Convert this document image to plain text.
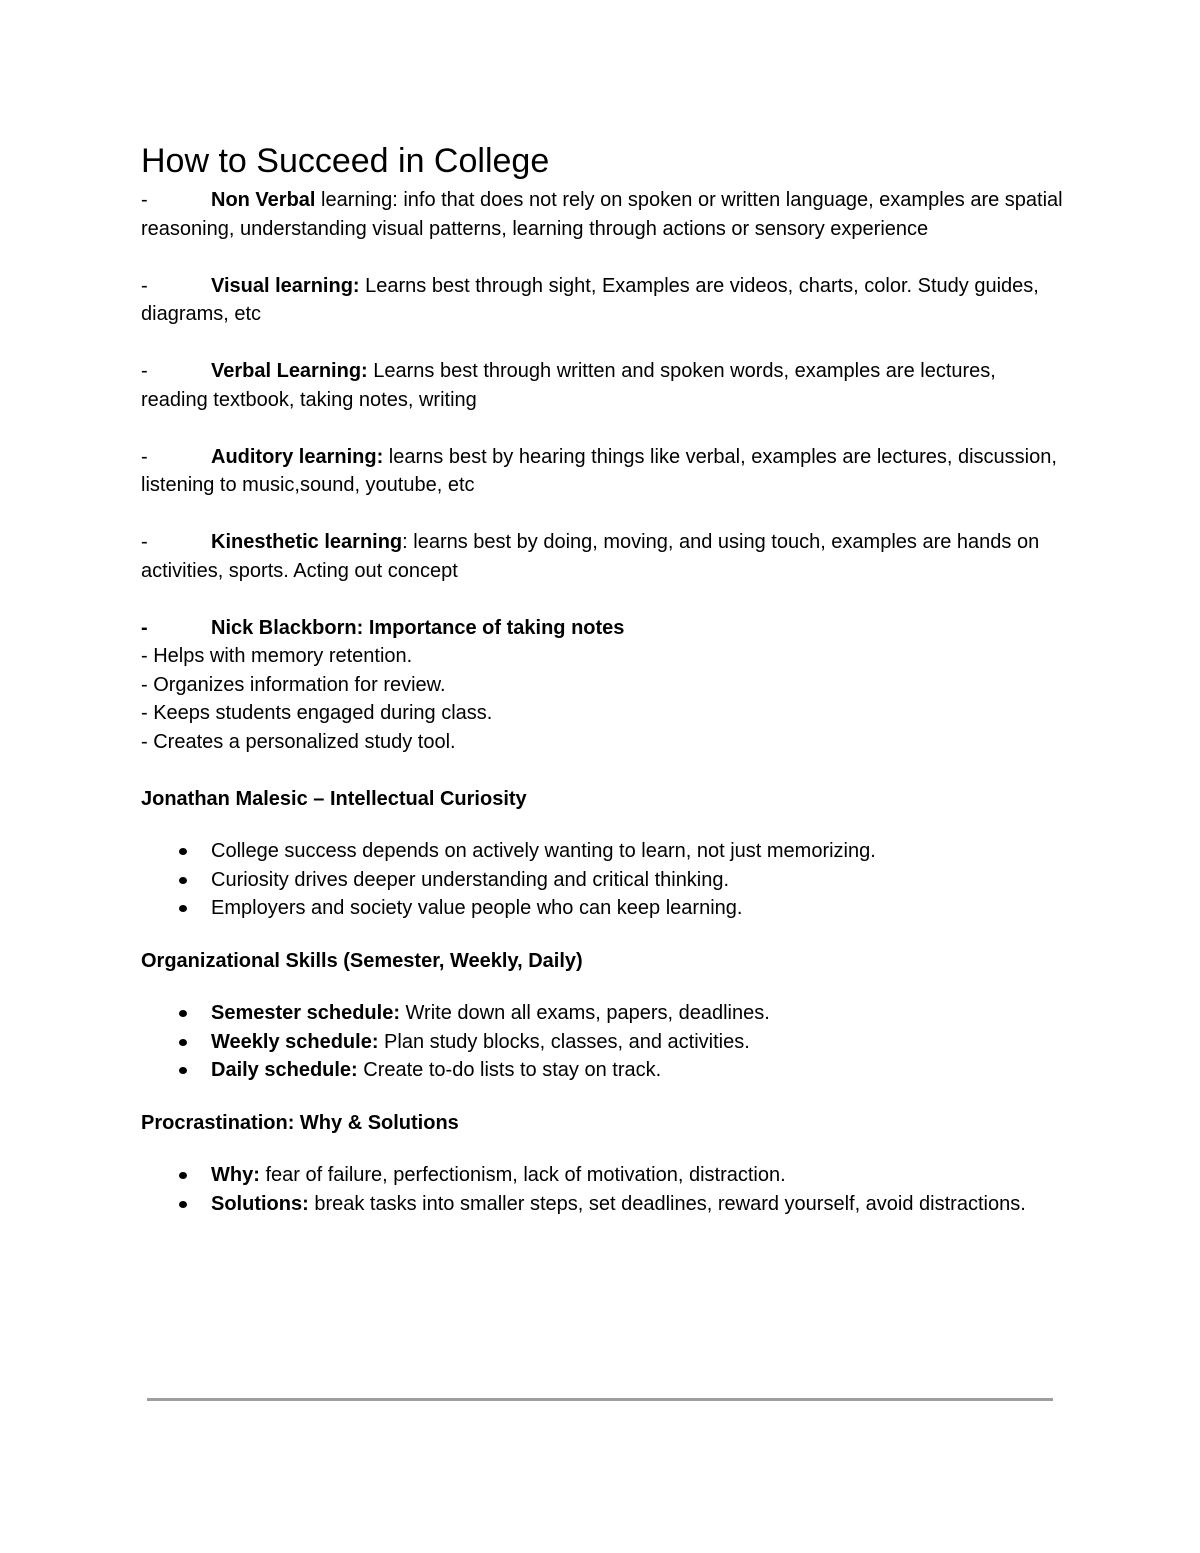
How to Succeed in College
-	Non Verbal learning: info that does not rely on spoken or written language, examples are spatial reasoning, understanding visual patterns, learning through actions or sensory experience
-	Visual learning: Learns best through sight, Examples are videos, charts, color. Study guides, diagrams, etc
-	Verbal Learning: Learns best through written and spoken words, examples are lectures, reading textbook, taking notes, writing
-	Auditory learning: learns best by hearing things like verbal, examples are lectures, discussion, listening to music,sound, youtube, etc
-	Kinesthetic learning: learns best by doing, moving, and using touch, examples are hands on activities, sports. Acting out concept
-	Nick Blackborn: Importance of taking notes
- Helps with memory retention.
- Organizes information for review.
- Keeps students engaged during class.
- Creates a personalized study tool.
Jonathan Malesic – Intellectual Curiosity
College success depends on actively wanting to learn, not just memorizing.
Curiosity drives deeper understanding and critical thinking.
Employers and society value people who can keep learning.
Organizational Skills (Semester, Weekly, Daily)
Semester schedule: Write down all exams, papers, deadlines.
Weekly schedule: Plan study blocks, classes, and activities.
Daily schedule: Create to-do lists to stay on track.
Procrastination: Why & Solutions
Why: fear of failure, perfectionism, lack of motivation, distraction.
Solutions: break tasks into smaller steps, set deadlines, reward yourself, avoid distractions.
